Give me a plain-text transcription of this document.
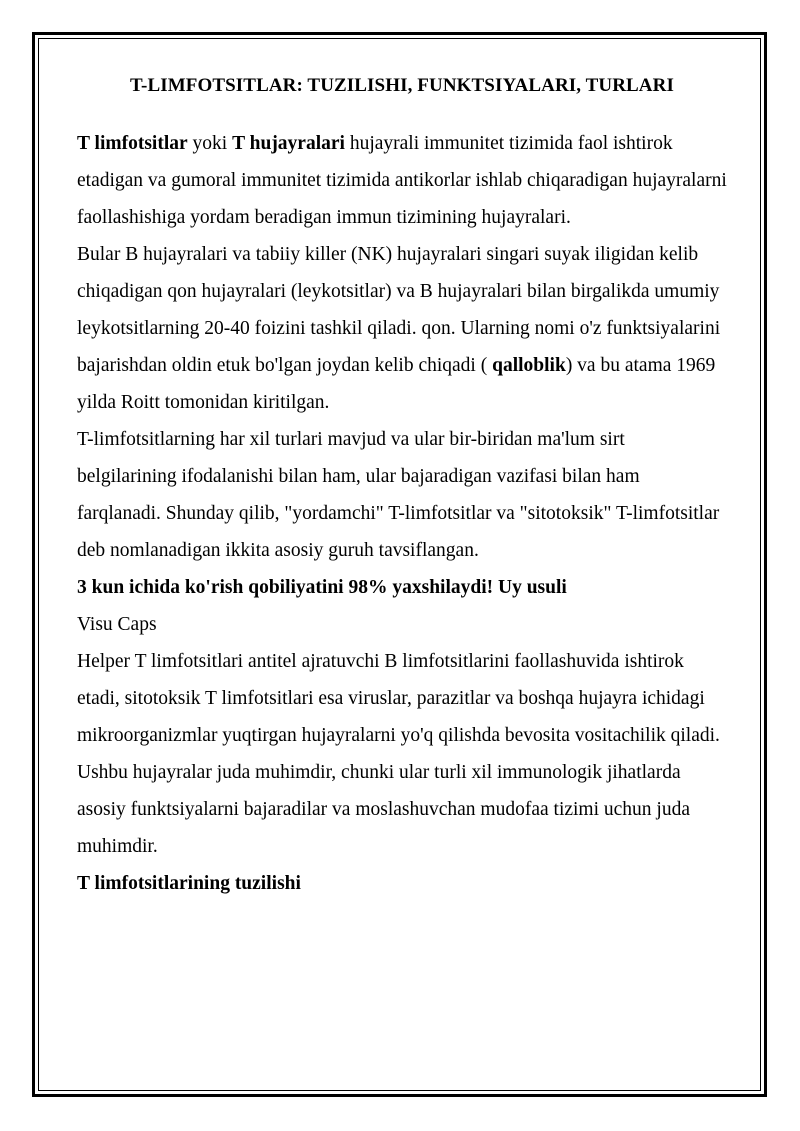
T-LIMFOTSITLAR: TUZILISHI, FUNKTSIYALARI, TURLARI

T limfotsitlar yoki T hujayralari hujayrali immunitet tizimida faol ishtirok etadigan va gumoral immunitet tizimida antikorlar ishlab chiqaradigan hujayralarni faollashishiga yordam beradigan immun tizimining hujayralari.

Bular B hujayralari va tabiiy killer (NK) hujayralari singari suyak iligidan kelib chiqadigan qon hujayralari (leykotsitlar) va B hujayralari bilan birgalikda umumiy leykotsitlarning 20-40 foizini tashkil qiladi. qon. Ularning nomi o'z funktsiyalarini bajarishdan oldin etuk bo'lgan joydan kelib chiqadi ( qalloblik) va bu atama 1969 yilda Roitt tomonidan kiritilgan.

T-limfotsitlarning har xil turlari mavjud va ular bir-biridan ma'lum sirt belgilarining ifodalanishi bilan ham, ular bajaradigan vazifasi bilan ham farqlanadi. Shunday qilib, "yordamchi" T-limfotsitlar va "sitotoksik" T-limfotsitlar deb nomlanadigan ikkita asosiy guruh tavsiflangan.

3 kun ichida ko'rish qobiliyatini 98% yaxshilaydi! Uy usuli

Visu Caps

Helper T limfotsitlari antitel ajratuvchi B limfotsitlarini faollashuvida ishtirok etadi, sitotoksik T limfotsitlari esa viruslar, parazitlar va boshqa hujayra ichidagi mikroorganizmlar yuqtirgan hujayralarni yo'q qilishda bevosita vositachilik qiladi.

Ushbu hujayralar juda muhimdir, chunki ular turli xil immunologik jihatlarda asosiy funktsiyalarni bajaradilar va moslashuvchan mudofaa tizimi uchun juda muhimdir.

T limfotsitlarining tuzilishi
